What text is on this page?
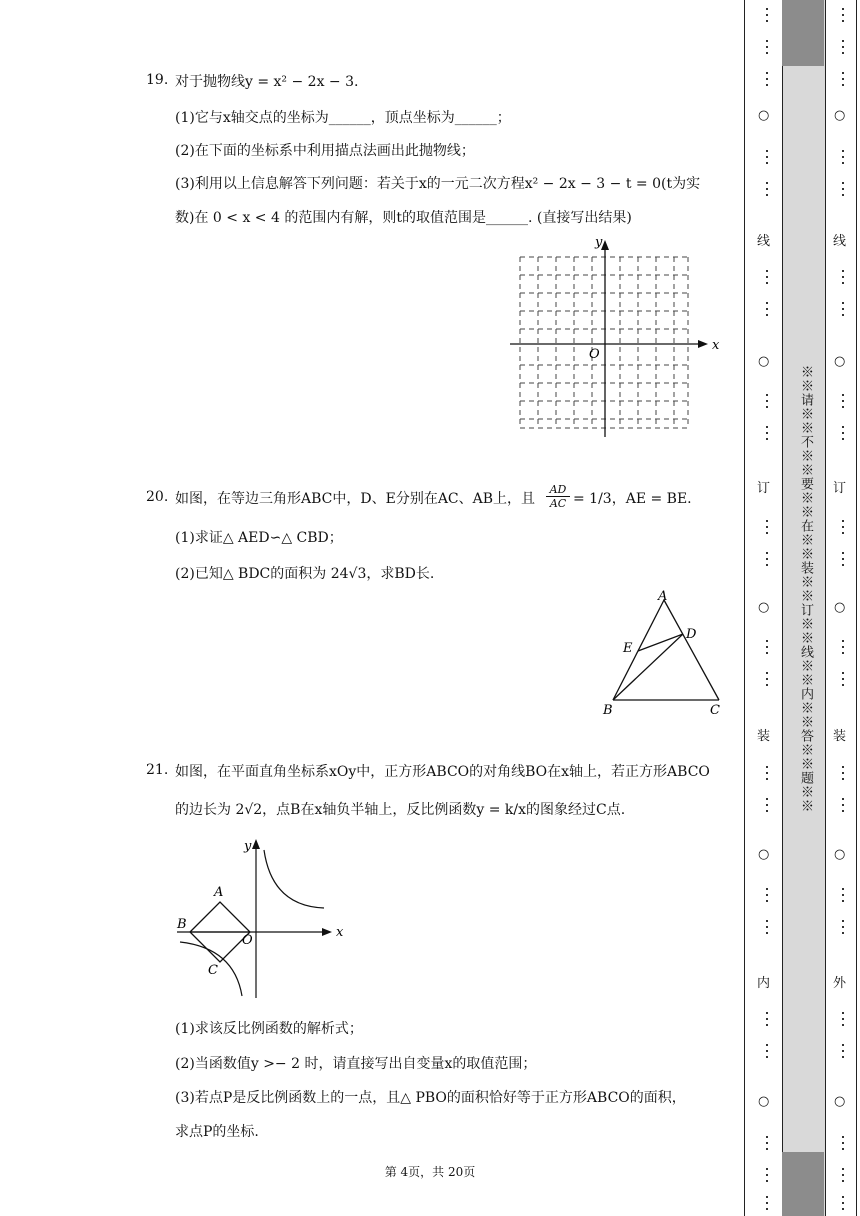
19. 对于抛物线y = x² − 2x − 3.
(1)它与x轴交点的坐标为______，顶点坐标为______；
(2)在下面的坐标系中利用描点法画出此抛物线；
(3)利用以上信息解答下列问题：若关于x的一元二次方程x² − 2x − 3 − t = 0(t为实
数)在 0 < x < 4 的范围内有解，则t的取值范围是______. (直接写出结果)
x
y
O
20. 如图，在等边三角形ABC中，D、E分别在AC、AB上，且 $\frac{AD}{AC} = 1/3$，AE = BE.
(1)求证△ AED∽△ CBD；
(2)已知△ BDC的面积为 24√3，求BD长.
A
B	C
D
E
21. 如图，在平面直角坐标系xOy中，正方形ABCO的对角线BO在x轴上，若正方形ABCO
的边长为 2√2，点B在x轴负半轴上，反比例函数y = k/x的图象经过C点.
A
B
C
O
x
y
(1)求该反比例函数的解析式；
(2)当函数值y >− 2 时，请直接写出自变量x的取值范围；
(3)若点P是反比例函数上的一点，且△ PBO的面积恰好等于正方形ABCO的面积，
求点P的坐标.
第 4页，共 20页
※※请※※不※※要※※在※※装※※订※※线※※内※※答※※题※※
○
线
○
订
○
装
○
内
○
○
线
○
订
○
装
○
外
○
